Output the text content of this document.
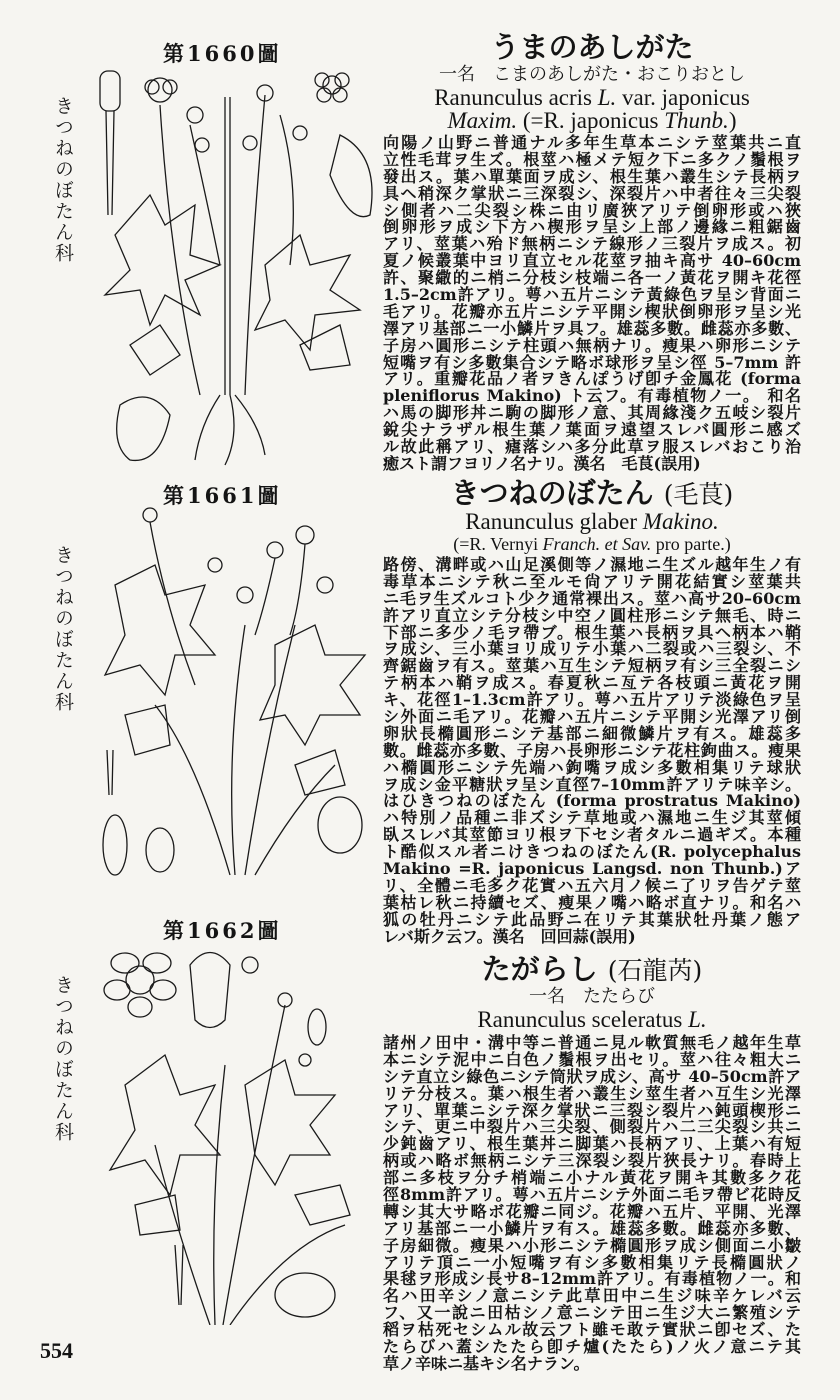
第1660圖
第1661圖
第1662圖
きつねのぼたん科
きつねのぼたん科
きつねのぼたん科
うまのあしがた
一名　こまのあしがた・おこりおとし
Ranunculus acris L. var. japonicus
Maxim. (=R. japonicus Thunb.)
向陽ノ山野ニ普通ナル多年生草本ニシテ莖葉共ニ直
立性毛茸ヲ生ズ。根莖ハ極メテ短ク下ニ多クノ鬚根ヲ
發出ス。葉ハ單葉面ヲ成シ、根生葉ハ叢生シテ長柄ヲ
具ヘ稍深ク掌狀ニ三深裂シ、深裂片ハ中者往々三尖裂
シ側者ハ二尖裂シ株ニ由リ廣狹アリテ倒卵形或ハ狹
倒卵形ヲ成シ下方ハ楔形ヲ呈シ上部ノ邊緣ニ粗鋸齒
アリ、莖葉ハ殆ド無柄ニシテ線形ノ三裂片ヲ成ス。初
夏ノ候叢葉中ヨリ直立セル花莖ヲ抽キ高サ 40–60cm
許、聚繖的ニ梢ニ分枝シ枝端ニ各一ノ黃花ヲ開キ花徑
1.5–2cm許アリ。萼ハ五片ニシテ黃綠色ヲ呈シ背面ニ
毛アリ。花瓣亦五片ニシテ平開シ楔狀倒卵形ヲ呈シ光
澤アリ基部ニ一小鱗片ヲ具フ。雄蕊多數。雌蕊亦多數、
子房ハ圓形ニシテ柱頭ハ無柄ナリ。瘦果ハ卵形ニシテ
短嘴ヲ有シ多數集合シテ略ボ球形ヲ呈シ徑 5–7mm 許
アリ。重瓣花品ノ者ヲきんぽうげ卽チ金鳳花 (forma
pleniflorus Makino) ト云フ。有毒植物ノ一。 和名
ハ馬の脚形丼ニ駒の脚形ノ意、其周緣淺ク五岐シ裂片
銳尖ナラザル根生葉ノ葉面ヲ遠望スレバ圓形ニ感ズ
ル故此稱アリ、瘧落シハ多分此草ヲ服スレバおこり治
癒スト謂フヨリノ名ナリ。漢名　毛茛(誤用)
きつねのぼたん (毛茛)
Ranunculus glaber Makino.
(=R. Vernyi Franch. et Sav. pro parte.)
路傍、溝畔或ハ山足溪側等ノ濕地ニ生ズル越年生ノ有
毒草本ニシテ秋ニ至ルモ尙アリテ開花結實シ莖葉共
ニ毛ヲ生ズルコト少ク通常裸出ス。莖ハ高サ20–60cm
許アリ直立シテ分枝シ中空ノ圓柱形ニシテ無毛、時ニ
下部ニ多少ノ毛ヲ帶ブ。根生葉ハ長柄ヲ具ヘ柄本ハ鞘
ヲ成シ、三小葉ヨリ成リテ小葉ハ二裂或ハ三裂シ、不
齊鋸齒ヲ有ス。莖葉ハ互生シテ短柄ヲ有シ三全裂ニシ
テ柄本ハ鞘ヲ成ス。春夏秋ニ亙テ各枝頭ニ黃花ヲ開
キ、花徑1–1.3cm許アリ。萼ハ五片アリテ淡綠色ヲ呈
シ外面ニ毛アリ。花瓣ハ五片ニシテ平開シ光澤アリ倒
卵狀長橢圓形ニシテ基部ニ細微鱗片ヲ有ス。雄蕊多
數。雌蕊亦多數、子房ハ長卵形ニシテ花柱鉤曲ス。瘦果
ハ橢圓形ニシテ先端ハ鉤嘴ヲ成シ多數相集リテ球狀
ヲ成シ金平糖狀ヲ呈シ直徑7–10mm許アリテ味辛シ。
はひきつねのぼたん (forma prostratus Makino)
ハ特別ノ品種ニ非ズシテ草地或ハ濕地ニ生ジ其莖傾
臥スレバ其莖節ヨリ根ヲ下セシ者タルニ過ギズ。本種
ト酷似スル者ニけきつねのぼたん(R. polycephalus
Makino =R. japonicus Langsd. non Thunb.)ア
リ、全體ニ毛多ク花實ハ五六月ノ候ニ了リヲ告ゲテ莖
葉枯レ秋ニ持續セズ、瘦果ノ嘴ハ略ボ直ナリ。和名ハ
狐の牡丹ニシテ此品野ニ在リテ其葉狀牡丹葉ノ態ア
レバ斯ク云フ。漢名　回回蒜(誤用)
たがらし (石龍芮)
一名　たたらび
Ranunculus sceleratus L.
諸州ノ田中・溝中等ニ普通ニ見ル軟質無毛ノ越年生草
本ニシテ泥中ニ白色ノ鬚根ヲ出セリ。莖ハ往々粗大ニ
シテ直立シ綠色ニシテ筒狀ヲ成シ、高サ 40–50cm許ア
リテ分枝ス。葉ハ根生者ハ叢生シ莖生者ハ互生シ光澤
アリ、單葉ニシテ深ク掌狀ニ三裂シ裂片ハ鈍頭楔形ニ
シテ、更ニ中裂片ハ三尖裂、側裂片ハ二三尖裂シ共ニ
少鈍齒アリ、根生葉丼ニ脚葉ハ長柄アリ、上葉ハ有短
柄或ハ略ボ無柄ニシテ三深裂シ裂片狹長ナリ。春時上
部ニ多枝ヲ分チ梢端ニ小ナル黃花ヲ開キ其數多ク花
徑8mm許アリ。萼ハ五片ニシテ外面ニ毛ヲ帶ビ花時反
轉シ其大サ略ボ花瓣ニ同ジ。花瓣ハ五片、平開、光澤
アリ基部ニ一小鱗片ヲ有ス。雄蕊多數。雌蕊亦多數、
子房細微。瘦果ハ小形ニシテ橢圓形ヲ成シ側面ニ小皺
アリテ頂ニ一小短嘴ヲ有シ多數相集リテ長橢圓狀ノ
果毬ヲ形成シ長サ8–12mm許アリ。有毒植物ノ一。和
名ハ田辛シノ意ニシテ此草田中ニ生ジ味辛ケレバ云
フ、又一說ニ田枯シノ意ニシテ田ニ生ジ大ニ繁殖シテ
稻ヲ枯死セシムル故云フト雖モ敢テ實狀ニ卽セズ、た
たらびハ蓋シたたら卽チ爐(たたら)ノ火ノ意ニテ其
草ノ辛味ニ基キシ名ナラン。
554
